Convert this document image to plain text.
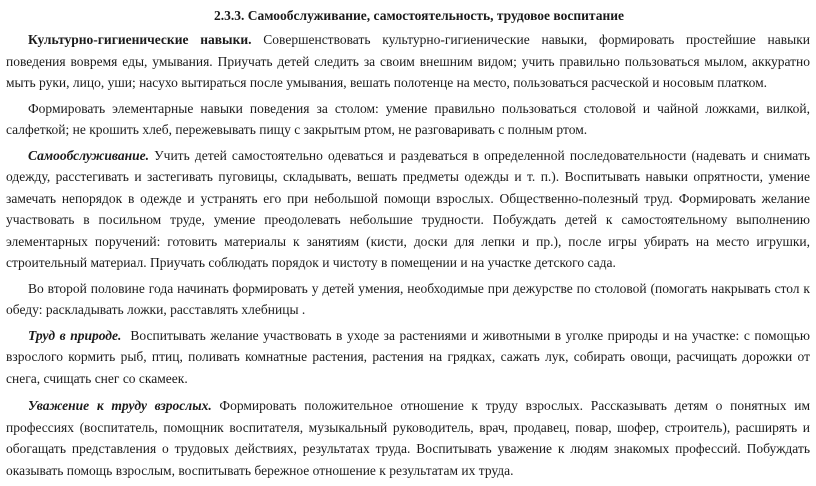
2.3.3. Самообслуживание, самостоятельность, трудовое воспитание

Культурно-гигиенические навыки. Совершенствовать культурно-гигиенические навыки, формировать простейшие навыки поведения вовремя еды, умывания. Приучать детей следить за своим внешним видом; учить правильно пользоваться мылом, аккуратно мыть руки, лицо, уши; насухо вытираться после умывания, вешать полотенце на место, пользоваться расческой и носовым платком.

Формировать элементарные навыки поведения за столом: умение правильно пользоваться столовой и чайной ложками, вилкой, салфеткой; не крошить хлеб, пережевывать пищу с закрытым ртом, не разговаривать с полным ртом.

Самообслуживание. Учить детей самостоятельно одеваться и раздеваться в определенной последовательности (надевать и снимать одежду, расстегивать и застегивать пуговицы, складывать, вешать предметы одежды и т. п.). Воспитывать навыки опрятности, умение замечать непорядок в одежде и устранять его при небольшой помощи взрослых. Общественно-полезный труд. Формировать желание участвовать в посильном труде, умение преодолевать небольшие трудности. Побуждать детей к самостоятельному выполнению элементарных поручений: готовить материалы к занятиям (кисти, доски для лепки и пр.), после игры убирать на место игрушки, строительный материал. Приучать соблюдать порядок и чистоту в помещении и на участке детского сада.

Во второй половине года начинать формировать у детей умения, необходимые при дежурстве по столовой (помогать накрывать стол к обеду: раскладывать ложки, расставлять хлебницы .

Труд в природе.  Воспитывать желание участвовать в уходе за растениями и животными в уголке природы и на участке: с помощью взрослого кормить рыб, птиц, поливать комнатные растения, растения на грядках, сажать лук, собирать овощи, расчищать дорожки от снега, счищать снег со скамеек.

Уважение к труду взрослых. Формировать положительное отношение к труду взрослых. Рассказывать детям о понятных им профессиях (воспитатель, помощник воспитателя, музыкальный руководитель, врач, продавец, повар, шофер, строитель), расширять и обогащать представления о трудовых действиях, результатах труда. Воспитывать уважение к людям знакомых профессий. Побуждать оказывать помощь взрослым, воспитывать бережное отношение к результатам их труда.
